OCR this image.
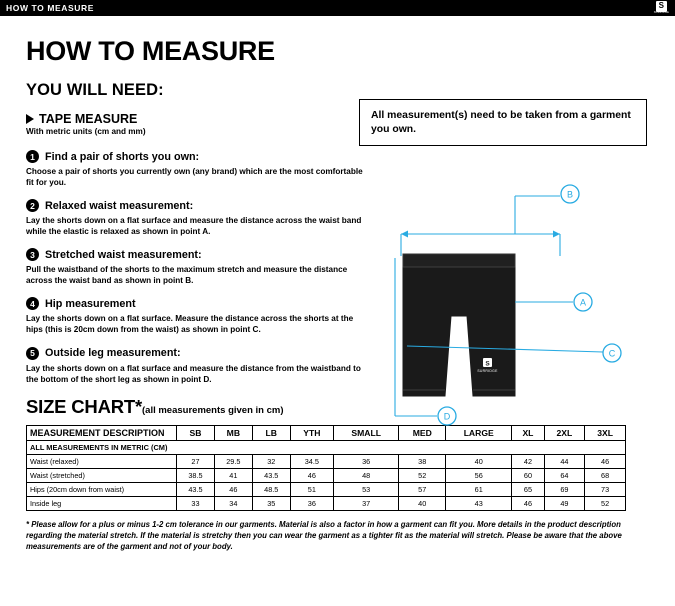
HOW TO MEASURE	S
SURRIDGE
HOW TO MEASURE
YOU WILL NEED:
TAPE MEASURE
With metric units (cm and mm)
1 Find a pair of shorts you own:
Choose a pair of shorts you currently own (any brand) which are the most comfortable fit for you.
2 Relaxed waist measurement:
Lay the shorts down on a flat surface and measure the distance across the waist band while the elastic is relaxed as shown in point A.
3 Stretched waist measurement:
Pull the waistband of the shorts to the maximum stretch and measure the distance across the waist band as shown in point B.
4 Hip measurement
Lay the shorts down on a flat surface. Measure the distance across the shorts at the hips (this is 20cm down from the waist) as shown in point C.
5 Outside leg measurement:
Lay the shorts down on a flat surface and measure the distance from the waistband to the bottom of the short leg as shown in point D.
SIZE CHART*(all measurements given in cm)
MEASUREMENT DESCRIPTION	SB	MB	LB	YTH	SMALL	MED	LARGE	XL	2XL	3XL
ALL MEASUREMENTS IN METRIC (CM)										
Waist (relaxed)	27	29.5	32	34.5	36	38	40	42	44	46
Waist (stretched)	38.5	41	43.5	46	48	52	56	60	64	68
Hips (20cm down from waist)	43.5	46	48.5	51	53	57	61	65	69	73
Inside leg	33	34	35	36	37	40	43	46	49	52
* Please allow for a plus or minus 1-2 cm tolerance in our garments. Material is also a factor in how a garment can fit you. More details in the product description regarding the material stretch. If the material is stretchy then you can wear the garment as a tighter fit as the material will stretch. Please be aware that the above measurements are of the garment and not of your body.
All measurement(s) need to be taken from a garment you own.
S
SURRIDGE
B
A
C
D
